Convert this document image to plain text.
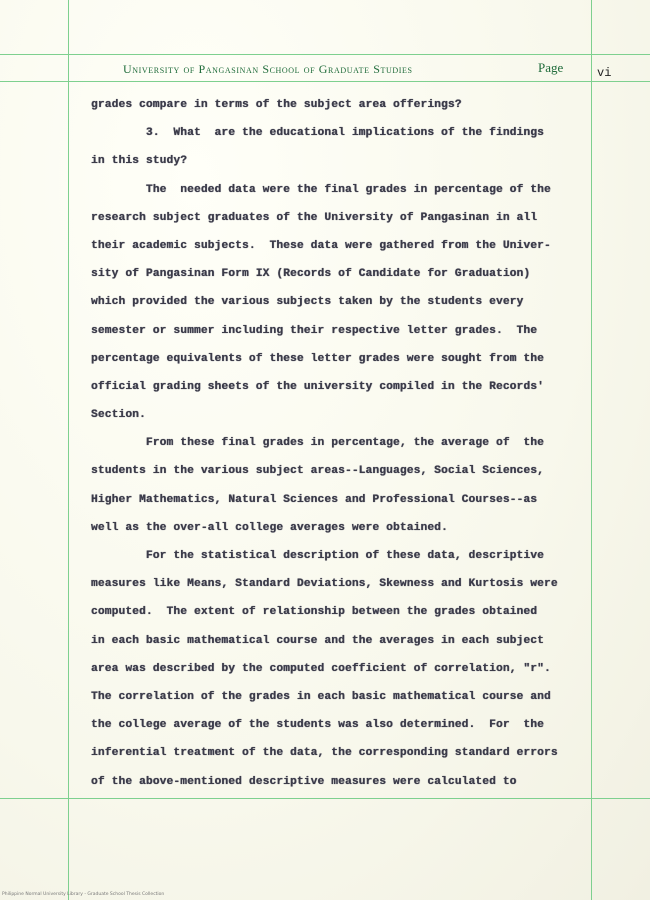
University of Pangasinan School of Graduate Studies	Page	vi
grades compare in terms of the subject area offerings?
3.  What  are the educational implications of the findings
in this study?
The  needed data were the final grades in percentage of the
research subject graduates of the University of Pangasinan in all
their academic subjects.  These data were gathered from the Univer-
sity of Pangasinan Form IX (Records of Candidate for Graduation)
which provided the various subjects taken by the students every
semester or summer including their respective letter grades.  The
percentage equivalents of these letter grades were sought from the
official grading sheets of the university compiled in the Records'
Section.
From these final grades in percentage, the average of  the
students in the various subject areas--Languages, Social Sciences,
Higher Mathematics, Natural Sciences and Professional Courses--as
well as the over-all college averages were obtained.
For the statistical description of these data, descriptive
measures like Means, Standard Deviations, Skewness and Kurtosis were
computed.  The extent of relationship between the grades obtained
in each basic mathematical course and the averages in each subject
area was described by the computed coefficient of correlation, "r".
The correlation of the grades in each basic mathematical course and
the college average of the students was also determined.  For  the
inferential treatment of the data, the corresponding standard errors
of the above-mentioned descriptive measures were calculated to
Philippine Normal University Library - Graduate School Thesis Collection
